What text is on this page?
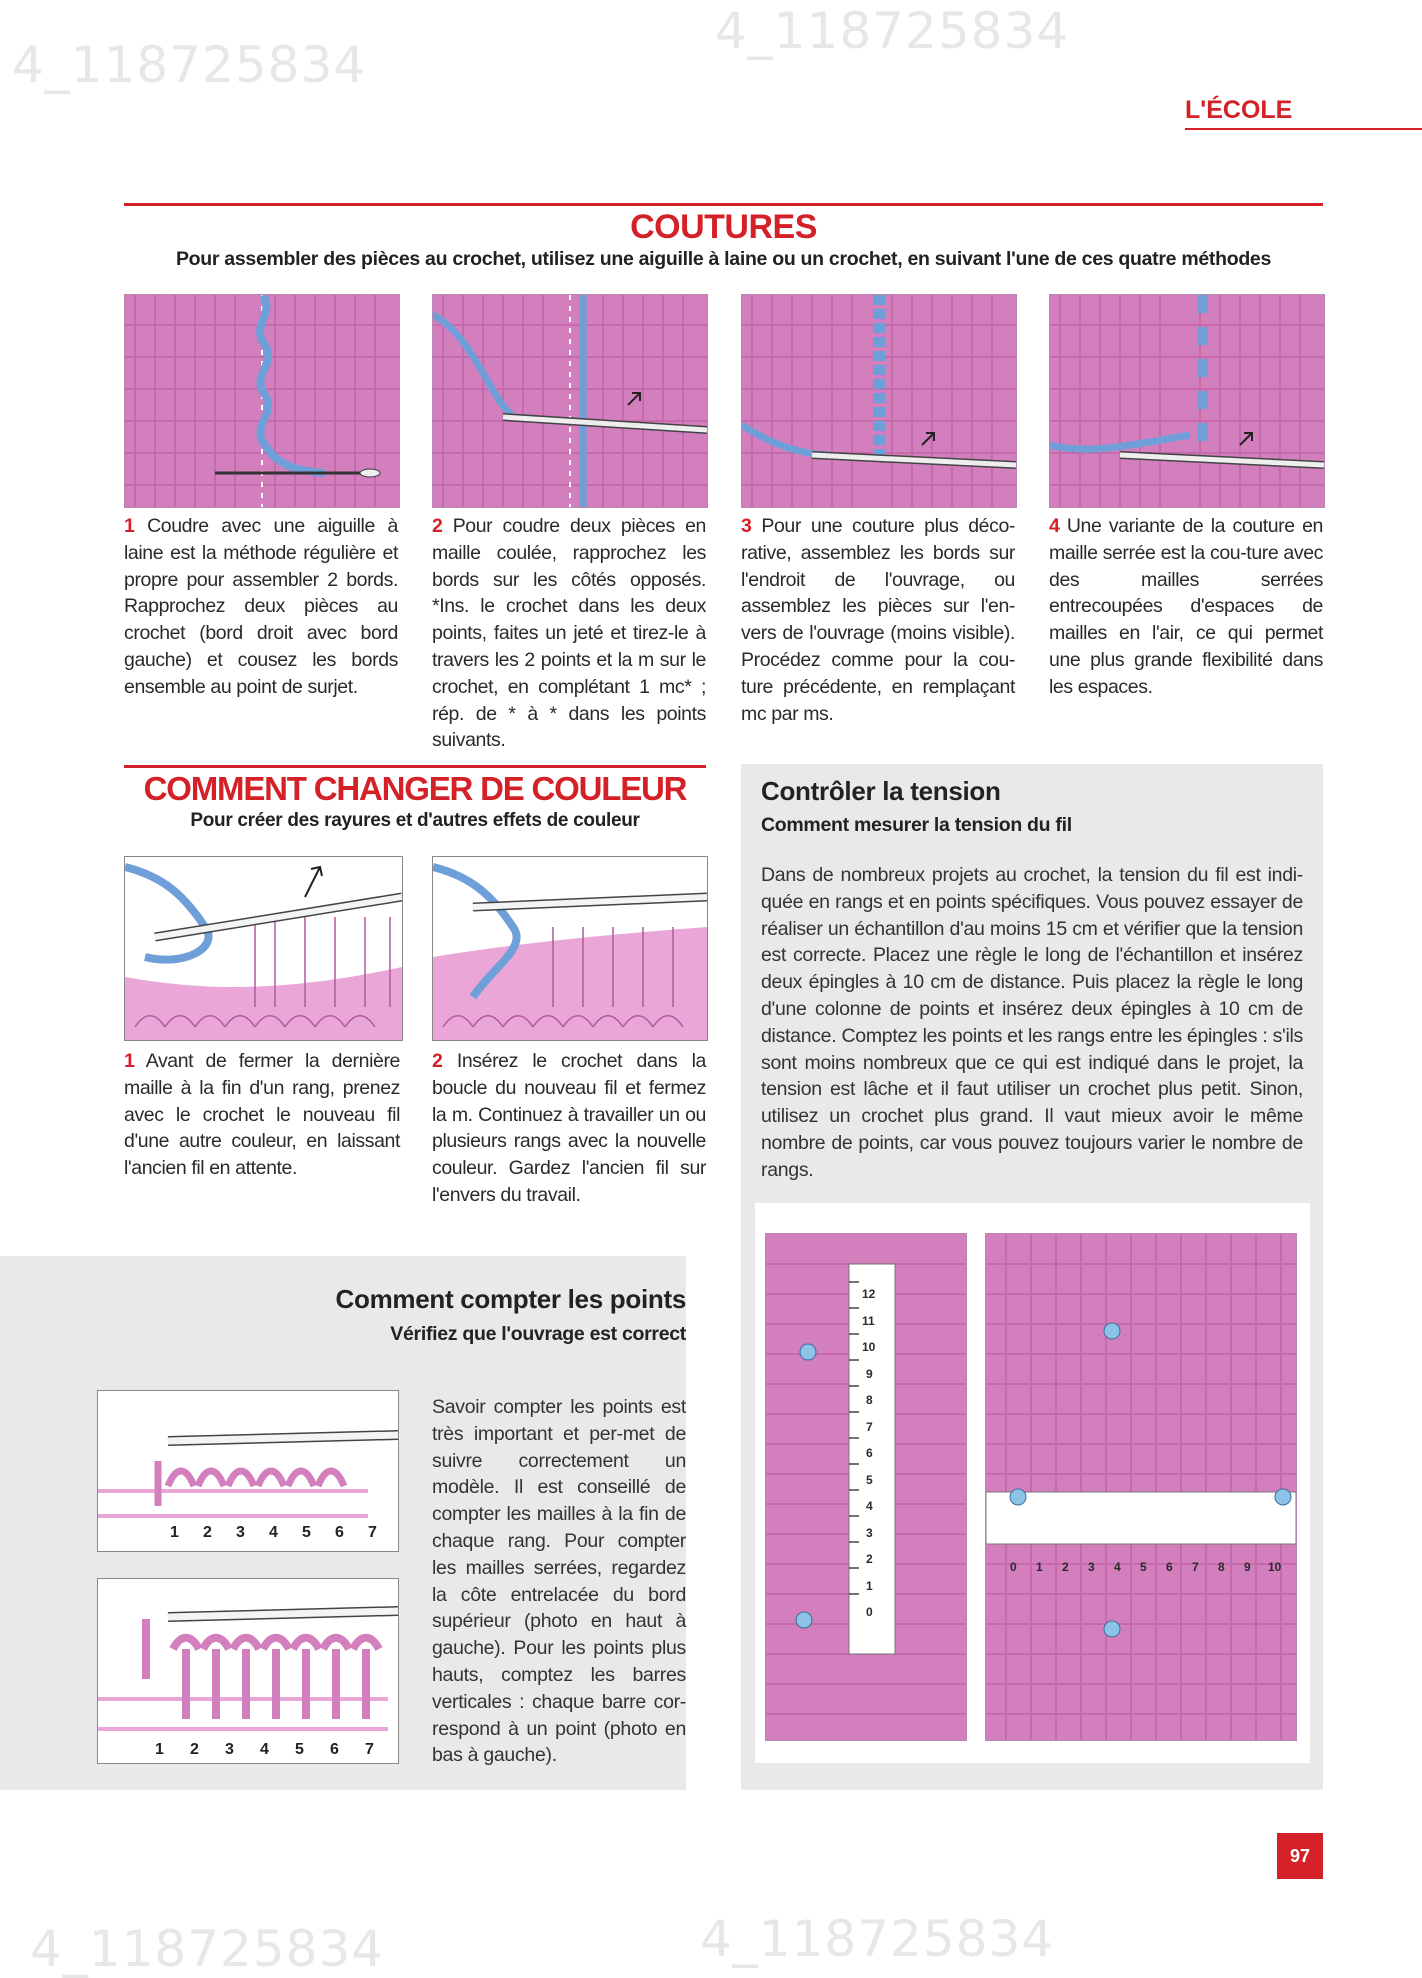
4_118725834
4_118725834
4_118725834	4_118725834
L'ÉCOLE
COUTURES
Pour assembler des pièces au crochet, utilisez une aiguille à laine ou un crochet, en suivant l'une de ces quatre méthodes
1 Coudre avec une aiguille à laine est la méthode régulière et propre pour assembler 2 bords. Rapprochez deux pièces au crochet (bord droit avec bord gauche) et cousez les bords ensemble au point de surjet.
2 Pour coudre deux pièces en maille coulée, rapprochez les bords sur les côtés opposés. *Ins. le crochet dans les deux points, faites un jeté et tirez-le à travers les 2 points et la m sur le crochet, en complétant 1 mc* ; rép. de * à * dans les points suivants.
3 Pour une couture plus déco-rative, assemblez les bords sur l'endroit de l'ouvrage, ou assemblez les pièces sur l'en-vers de l'ouvrage (moins visible). Procédez comme pour la cou-ture précédente, en remplaçant mc par ms.
4 Une variante de la couture en maille serrée est la cou-ture avec des mailles serrées entrecoupées d'espaces de mailles en l'air, ce qui permet une plus grande flexibilité dans les espaces.
COMMENT CHANGER DE COULEUR
Pour créer des rayures et d'autres effets de couleur
1 Avant de fermer la dernière maille à la fin d'un rang, prenez avec le crochet le nouveau fil d'une autre couleur, en laissant l'ancien fil en attente.
2 Insérez le crochet dans la boucle du nouveau fil et fermez la m. Continuez à travailler un ou plusieurs rangs avec la nouvelle couleur. Gardez l'ancien fil sur l'envers du travail.
Contrôler la tension
Comment mesurer la tension du fil
Dans de nombreux projets au crochet, la tension du fil est indi-quée en rangs et en points spécifiques. Vous pouvez essayer de réaliser un échantillon d'au moins 15 cm et vérifier que la tension est correcte. Placez une règle le long de l'échantillon et insérez deux épingles à 10 cm de distance. Puis placez la règle le long d'une colonne de points et insérez deux épingles à 10 cm de distance. Comptez les points et les rangs entre les épingles : s'ils sont moins nombreux que ce qui est indiqué dans le projet, la tension est lâche et il faut utiliser un crochet plus petit. Sinon, utilisez un crochet plus grand. Il vaut mieux avoir le même nombre de points, car vous pouvez toujours varier le nombre de rangs.
12
11
10
9
8
7
6
5
4
3
2
1
0
0 1 2 3 4 5 6 7 8 9 10
Comment compter les points
Vérifiez que l'ouvrage est correct
Savoir compter les points est très important et per-met de suivre correctement un modèle. Il est conseillé de compter les mailles à la fin de chaque rang. Pour compter les mailles serrées, regardez la côte entrelacée du bord supérieur (photo en haut à gauche). Pour les points plus hauts, comptez les barres verticales : chaque barre cor-respond à un point (photo en bas à gauche).
1 2 3 4 5 6 7
1 2 3 4 5 6 7
97
